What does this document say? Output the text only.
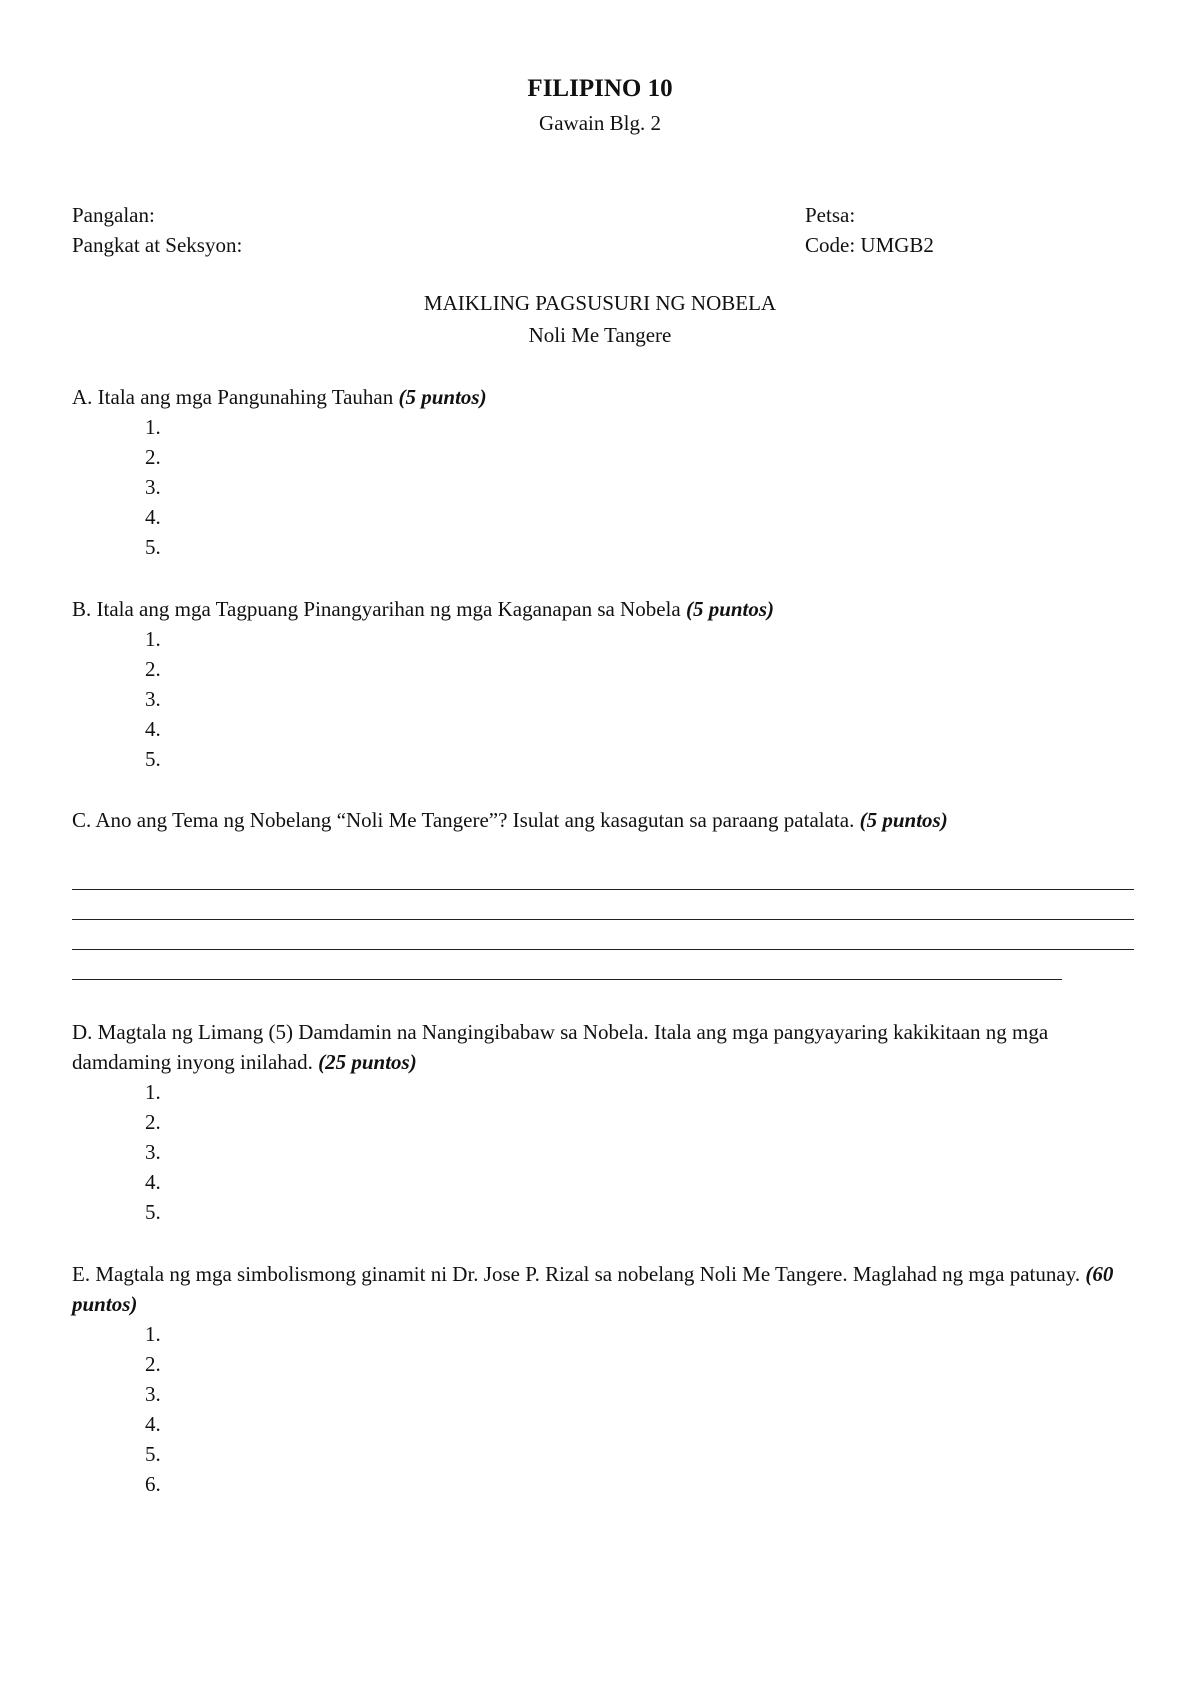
FILIPINO 10
Gawain Blg. 2
Pangalan:
Pangkat at Seksyon:
Petsa:
Code: UMGB2
MAIKLING PAGSUSURI NG NOBELA
Noli Me Tangere
A. Itala ang mga Pangunahing Tauhan (5 puntos)
1.
2.
3.
4.
5.
B. Itala ang mga Tagpuang Pinangyarihan ng mga Kaganapan sa Nobela (5 puntos)
1.
2.
3.
4.
5.
C. Ano ang Tema ng Nobelang “Noli Me Tangere”? Isulat ang kasagutan sa paraang patalata. (5 puntos)
D. Magtala ng Limang (5) Damdamin na Nangingibabaw sa Nobela. Itala ang mga pangyayaring kakikitaan ng mga damdaming inyong inilahad. (25 puntos)
1.
2.
3.
4.
5.
E. Magtala ng mga simbolismong ginamit ni Dr. Jose P. Rizal sa nobelang Noli Me Tangere. Maglahad ng mga patunay. (60 puntos)
1.
2.
3.
4.
5.
6.
